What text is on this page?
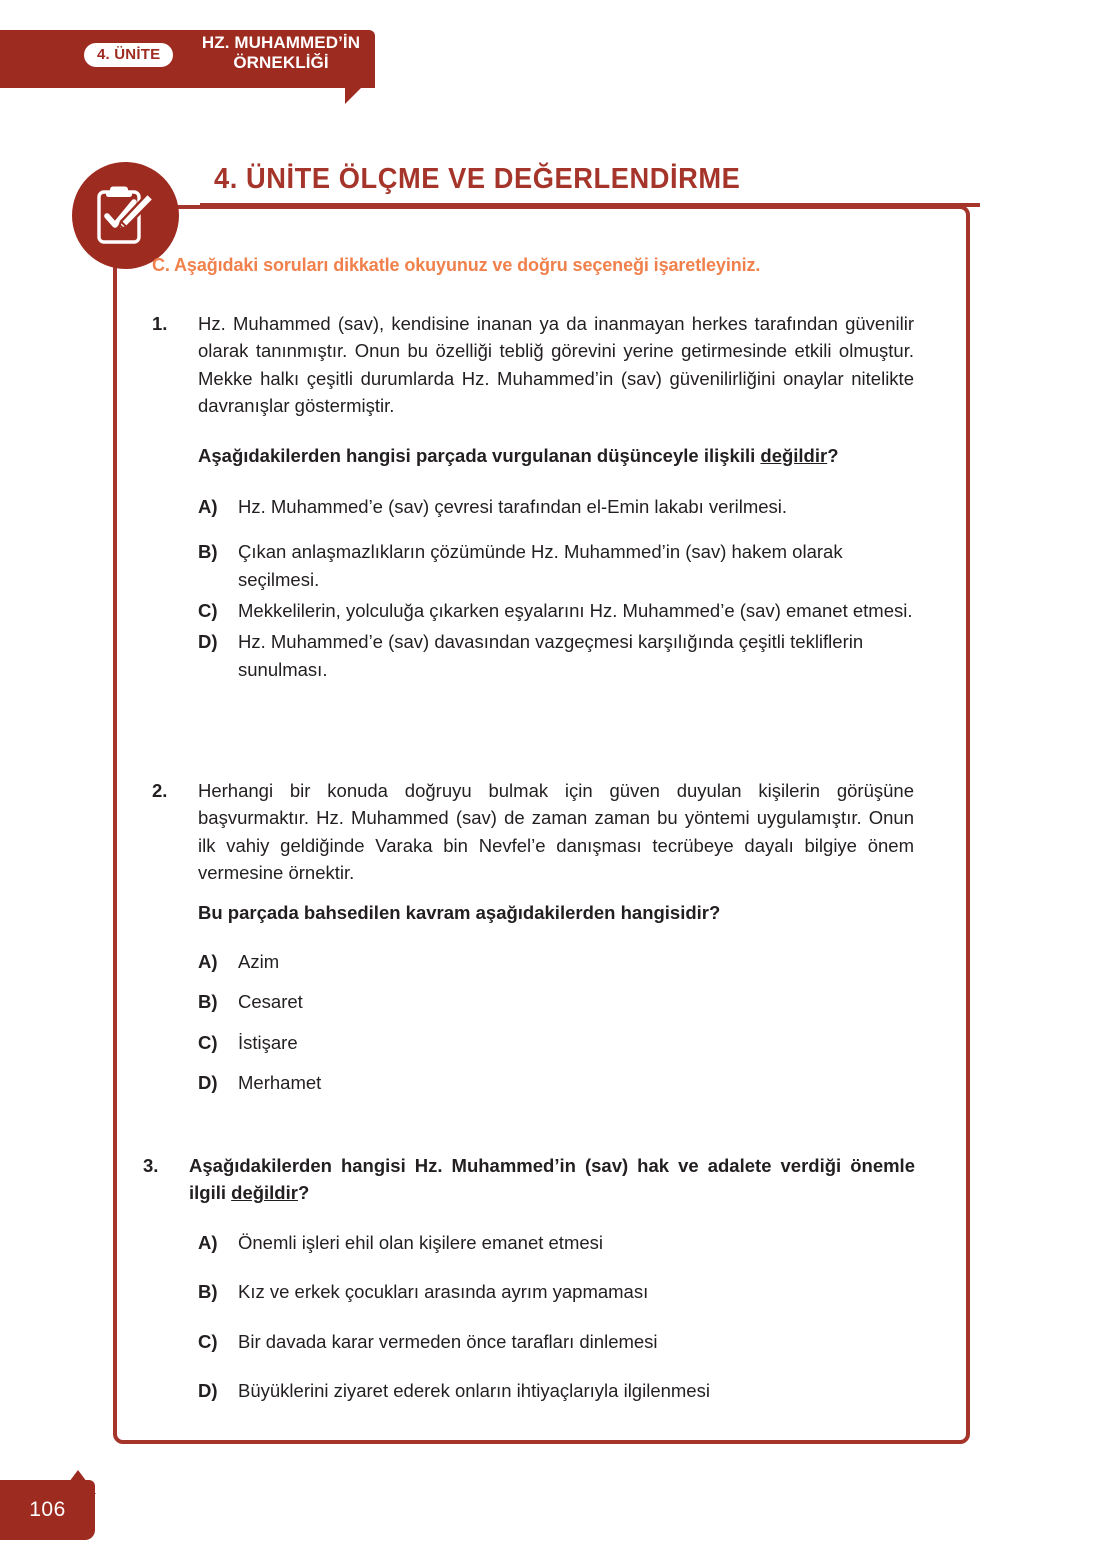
4. ÜNİTE
HZ. MUHAMMED’İN
ÖRNEKLİĞİ
4. ÜNİTE ÖLÇME VE DEĞERLENDİRME
C. Aşağıdaki soruları dikkatle okuyunuz ve doğru seçeneği işaretleyiniz.
1.	Hz. Muhammed (sav), kendisine inanan ya da inanmayan herkes tarafından güvenilir olarak tanınmıştır. Onun bu özelliği tebliğ görevini yerine getirmesinde etkili olmuştur. Mekke halkı çeşitli durumlarda Hz. Muhammed’in (sav) güvenilirliğini onaylar nitelikte davranışlar göstermiştir.
Aşağıdakilerden hangisi parçada vurgulanan düşünceyle ilişkili değildir?
A)	Hz. Muhammed’e (sav) çevresi tarafından el-Emin lakabı verilmesi.
B)	Çıkan anlaşmazlıkların çözümünde Hz. Muhammed’in (sav) hakem olarak seçilmesi.
C)	Mekkelilerin, yolculuğa çıkarken eşyalarını Hz. Muhammed’e (sav) emanet etmesi.
D)	Hz. Muhammed’e (sav) davasından vazgeçmesi karşılığında çeşitli tekliflerin sunulması.
2.	Herhangi bir konuda doğruyu bulmak için güven duyulan kişilerin görüşüne başvurmaktır. Hz. Muhammed (sav) de zaman zaman bu yöntemi uygulamıştır. Onun ilk vahiy geldiğinde Varaka bin Nevfel’e danışması tecrübeye dayalı bilgiye önem vermesine örnektir.
Bu parçada bahsedilen kavram aşağıdakilerden hangisidir?
A)	Azim
B)	Cesaret
C)	İstişare
D)	Merhamet
3.	Aşağıdakilerden hangisi Hz. Muhammed’in (sav) hak ve adalete verdiği önemle ilgili değildir?
A)	Önemli işleri ehil olan kişilere emanet etmesi
B)	Kız ve erkek çocukları arasında ayrım yapmaması
C)	Bir davada karar vermeden önce tarafları dinlemesi
D)	Büyüklerini ziyaret ederek onların ihtiyaçlarıyla ilgilenmesi
106
